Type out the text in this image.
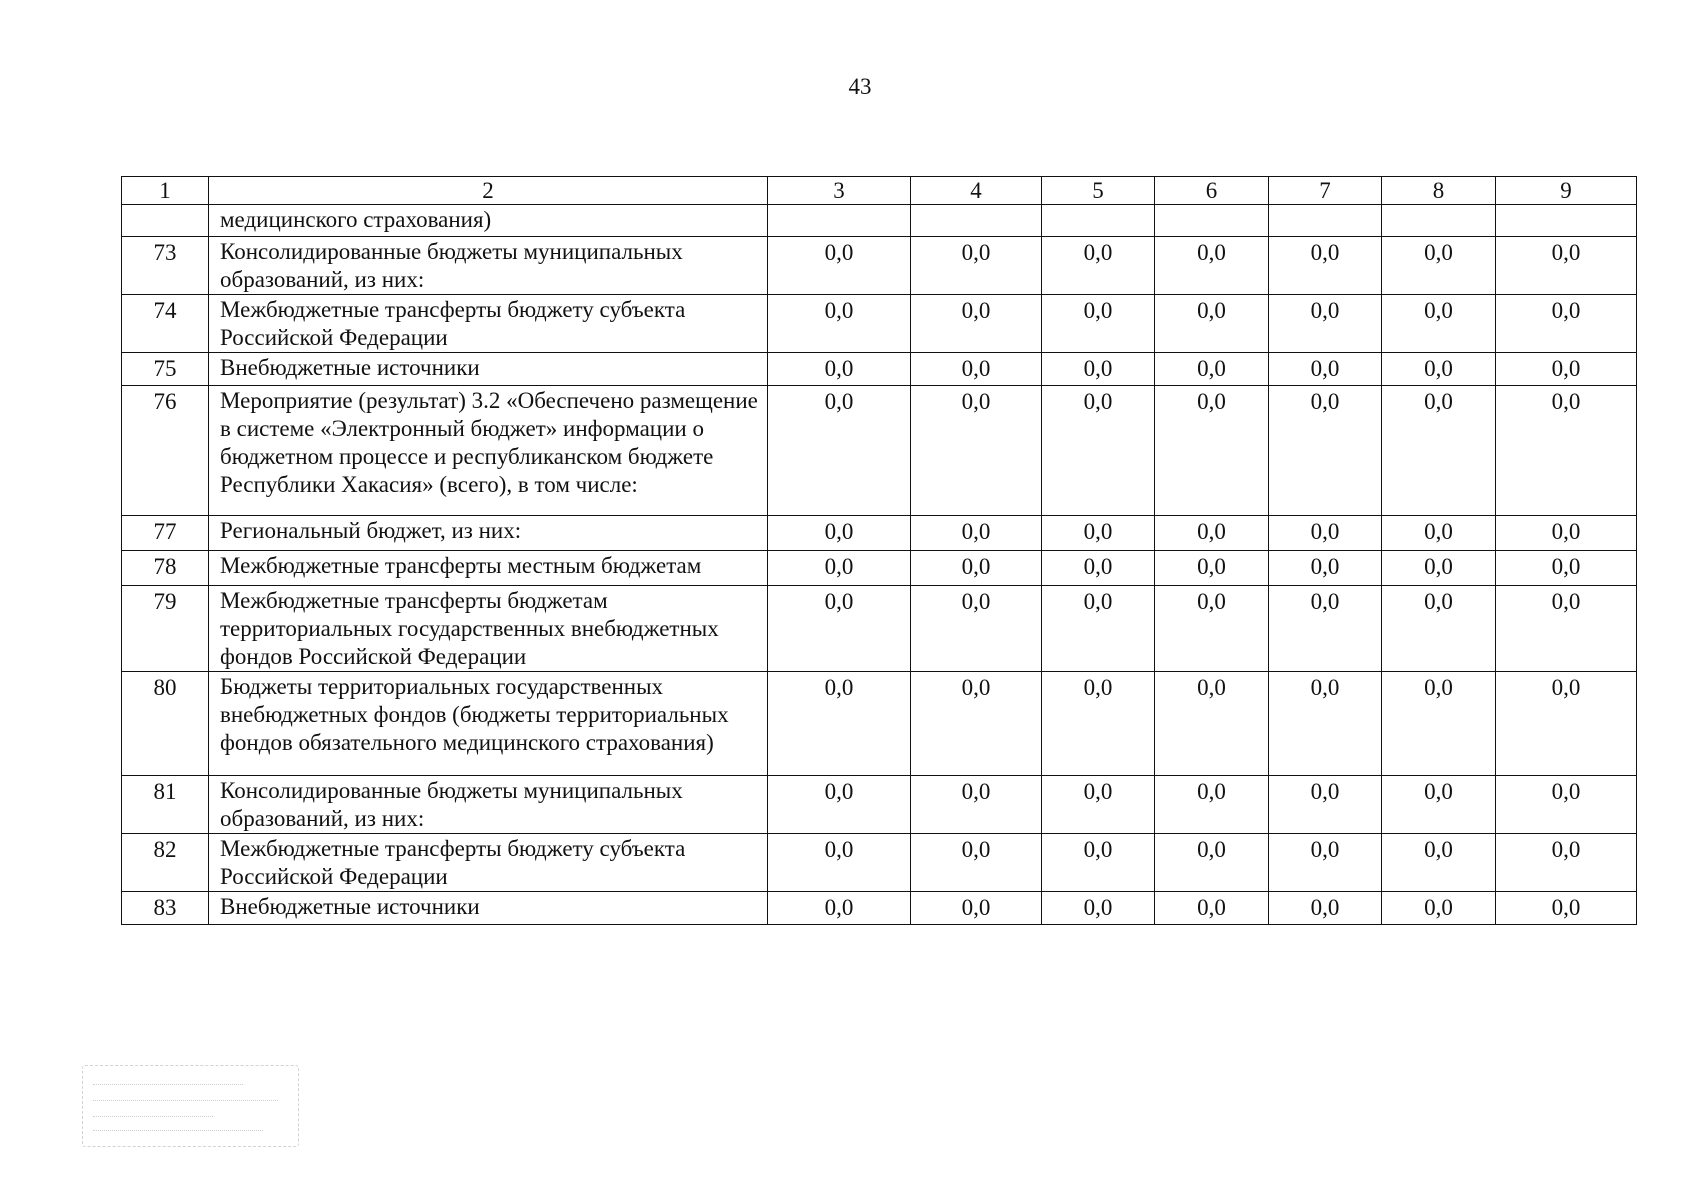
43
1	2	3	4	5	6	7	8	9
	медицинского страхования)							
73	Консолидированные бюджеты муниципальных образований, из них:	0,0	0,0	0,0	0,0	0,0	0,0	0,0
74	Межбюджетные трансферты бюджету субъекта Российской Федерации	0,0	0,0	0,0	0,0	0,0	0,0	0,0
75	Внебюджетные источники	0,0	0,0	0,0	0,0	0,0	0,0	0,0
76	Мероприятие (результат) 3.2 «Обеспечено размещение в системе «Электронный бюджет» информации о бюджетном процессе и республиканском бюджете Республики Хакасия» (всего), в том числе:	0,0	0,0	0,0	0,0	0,0	0,0	0,0
77	Региональный бюджет, из них:	0,0	0,0	0,0	0,0	0,0	0,0	0,0
78	Межбюджетные трансферты местным бюджетам	0,0	0,0	0,0	0,0	0,0	0,0	0,0
79	Межбюджетные трансферты бюджетам территориальных государственных внебюджетных фондов Российской Федерации	0,0	0,0	0,0	0,0	0,0	0,0	0,0
80	Бюджеты территориальных государственных внебюджетных фондов (бюджеты территориальных фондов обязательного медицинского страхования)	0,0	0,0	0,0	0,0	0,0	0,0	0,0
81	Консолидированные бюджеты муниципальных образований, из них:	0,0	0,0	0,0	0,0	0,0	0,0	0,0
82	Межбюджетные трансферты бюджету субъекта Российской Федерации	0,0	0,0	0,0	0,0	0,0	0,0	0,0
83	Внебюджетные источники	0,0	0,0	0,0	0,0	0,0	0,0	0,0
